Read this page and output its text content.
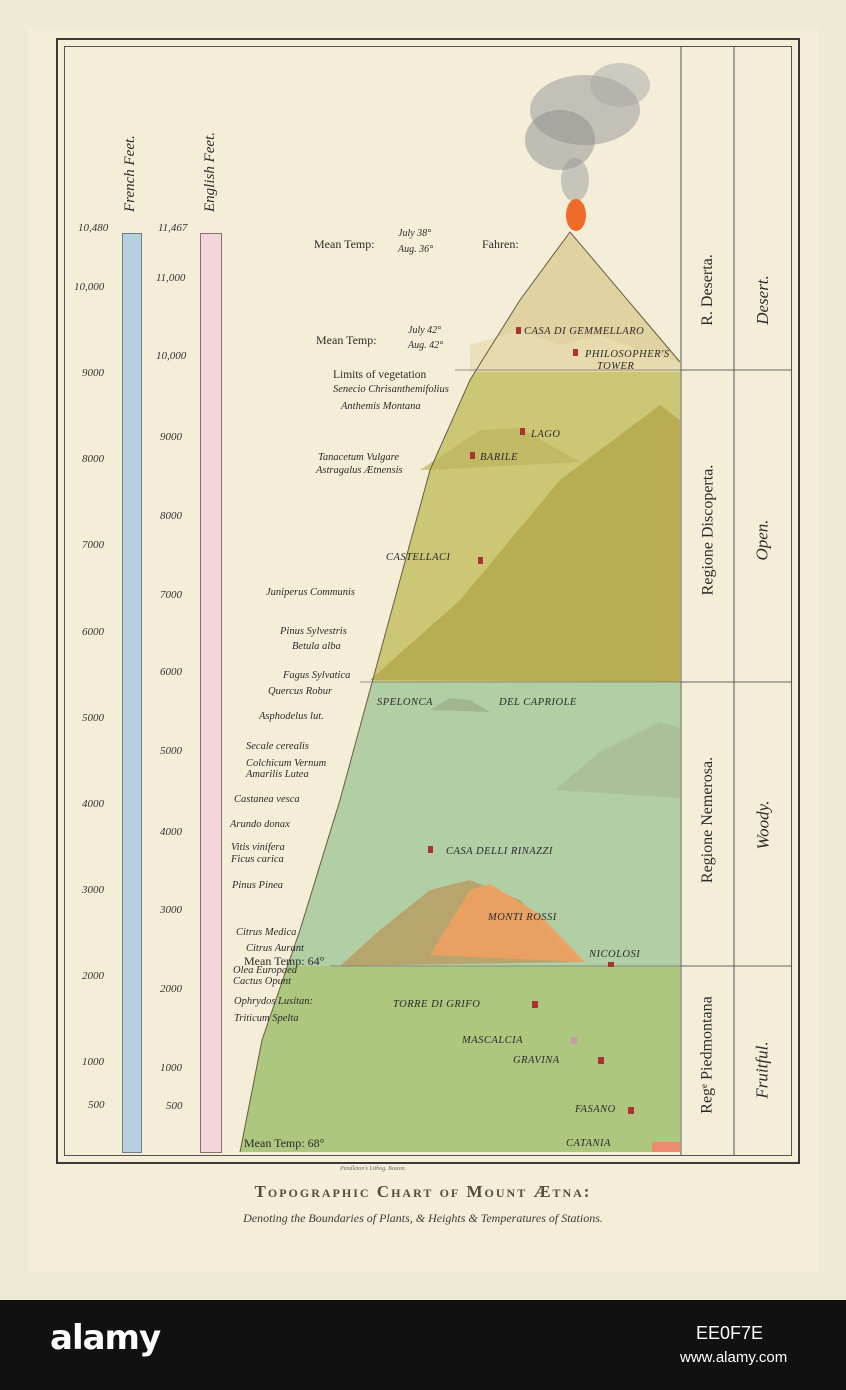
French Feet.	English Feet.
10,480
10,000
9000
8000
7000
6000
5000
4000
3000
2000
1000
500
11,467
11,000
10,000
9000
8000
7000
6000
5000
4000
3000
2000
1000
500
Mean Temp:
July 38°
Aug. 36°	Fahren:
Mean Temp:
July 42°
Aug. 42°
Mean Temp: 64°
Mean Temp: 68°
Limits of vegetation
Senecio Chrisanthemifolius
Anthemis Montana
Tanacetum Vulgare
Astragalus Ætnensis
Juniperus Communis
Pinus Sylvestris
Betula alba
Fagus Sylvatica
Quercus Robur
Asphodelus lut.
Secale cerealis
Colchicum Vernum
Amarilis Lutea
Castanea vesca
Arundo donax
Vitis vinifera
Ficus carica
Pinus Pinea
Citrus Medica
Citrus Aurant
Olea Europaea
Cactus Opunt
Ophrydos Lusitan:
Triticum Spelta
CASA DI GEMMELLARO
PHILOSOPHER'S
TOWER
LAGO
BARILE
CASTELLACI
SPELONCA	DEL CAPRIOLE
CASA DELLI RINAZZI
MONTI ROSSI
NICOLOSI
TORRE DI GRIFO
MASCALCIA
GRAVINA
FASANO
CATANIA
R. Deserta.
Regione Discoperta.
Regione Nemerosa.
Regᵉ Piedmontana
Desert.
Open.
Woody.
Fruitful.
Pendleton's Lithog. Boston.
Topographic Chart of Mount Ætna:
Denoting the Boundaries of Plants, & Heights & Temperatures of Stations.
alamy	EE0F7E
www.alamy.com
